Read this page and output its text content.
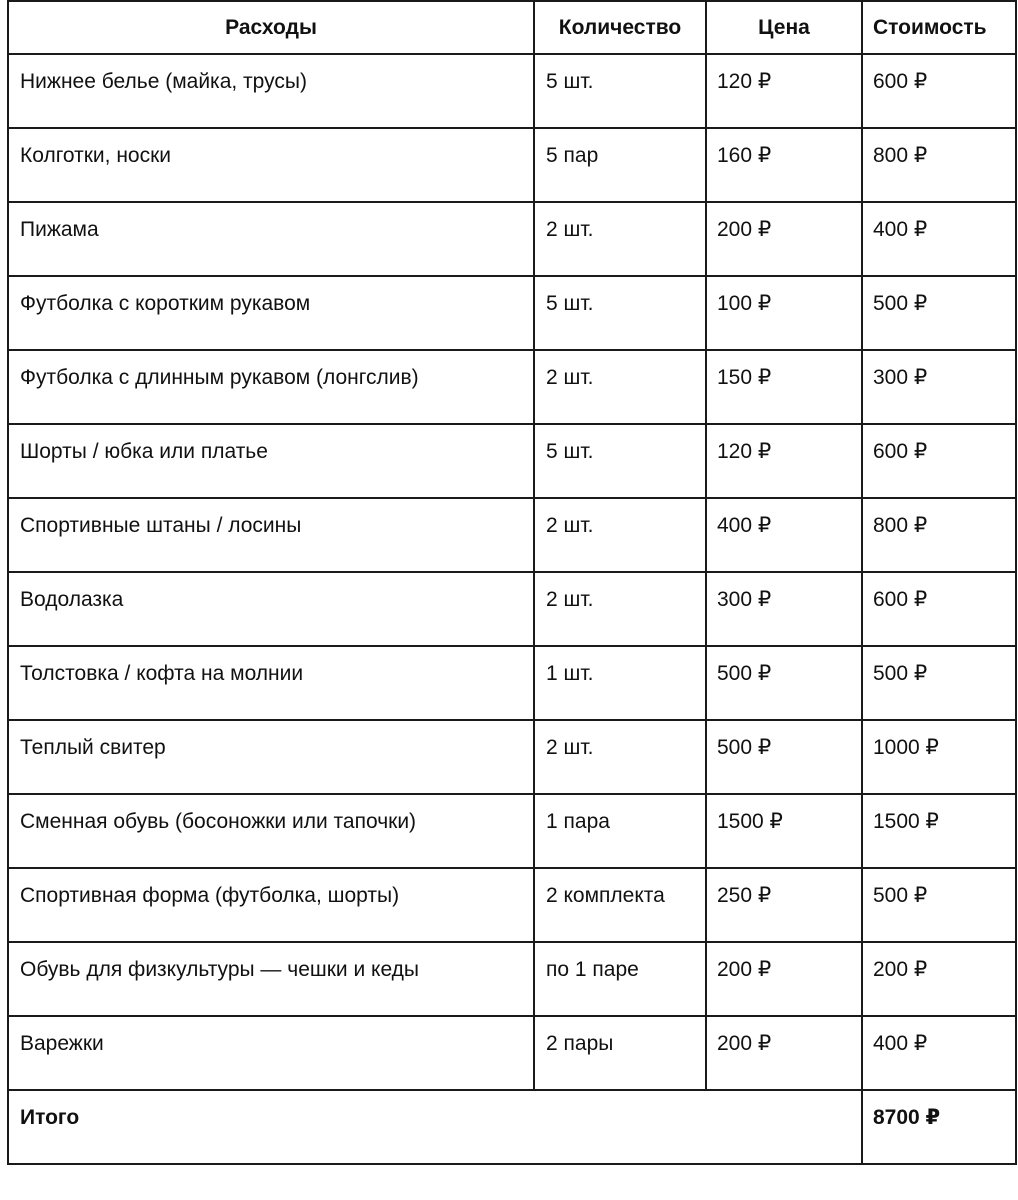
Расходы	Количество	Цена	Стоимость
Нижнее белье (майка, трусы)	5 шт.	120 ₽	600 ₽
Колготки, носки	5 пар	160 ₽	800 ₽
Пижама	2 шт.	200 ₽	400 ₽
Футболка с коротким рукавом	5 шт.	100 ₽	500 ₽
Футболка с длинным рукавом (лонгслив)	2 шт.	150 ₽	300 ₽
Шорты / юбка или платье	5 шт.	120 ₽	600 ₽
Спортивные штаны / лосины	2 шт.	400 ₽	800 ₽
Водолазка	2 шт.	300 ₽	600 ₽
Толстовка / кофта на молнии	1 шт.	500 ₽	500 ₽
Теплый свитер	2 шт.	500 ₽	1000 ₽
Сменная обувь (босоножки или тапочки)	1 пара	1500 ₽	1500 ₽
Спортивная форма (футболка, шорты)	2 комплекта	250 ₽	500 ₽
Обувь для физкультуры — чешки и кеды	по 1 паре	200 ₽	200 ₽
Варежки	2 пары	200 ₽	400 ₽
Итого			8700 ₽
